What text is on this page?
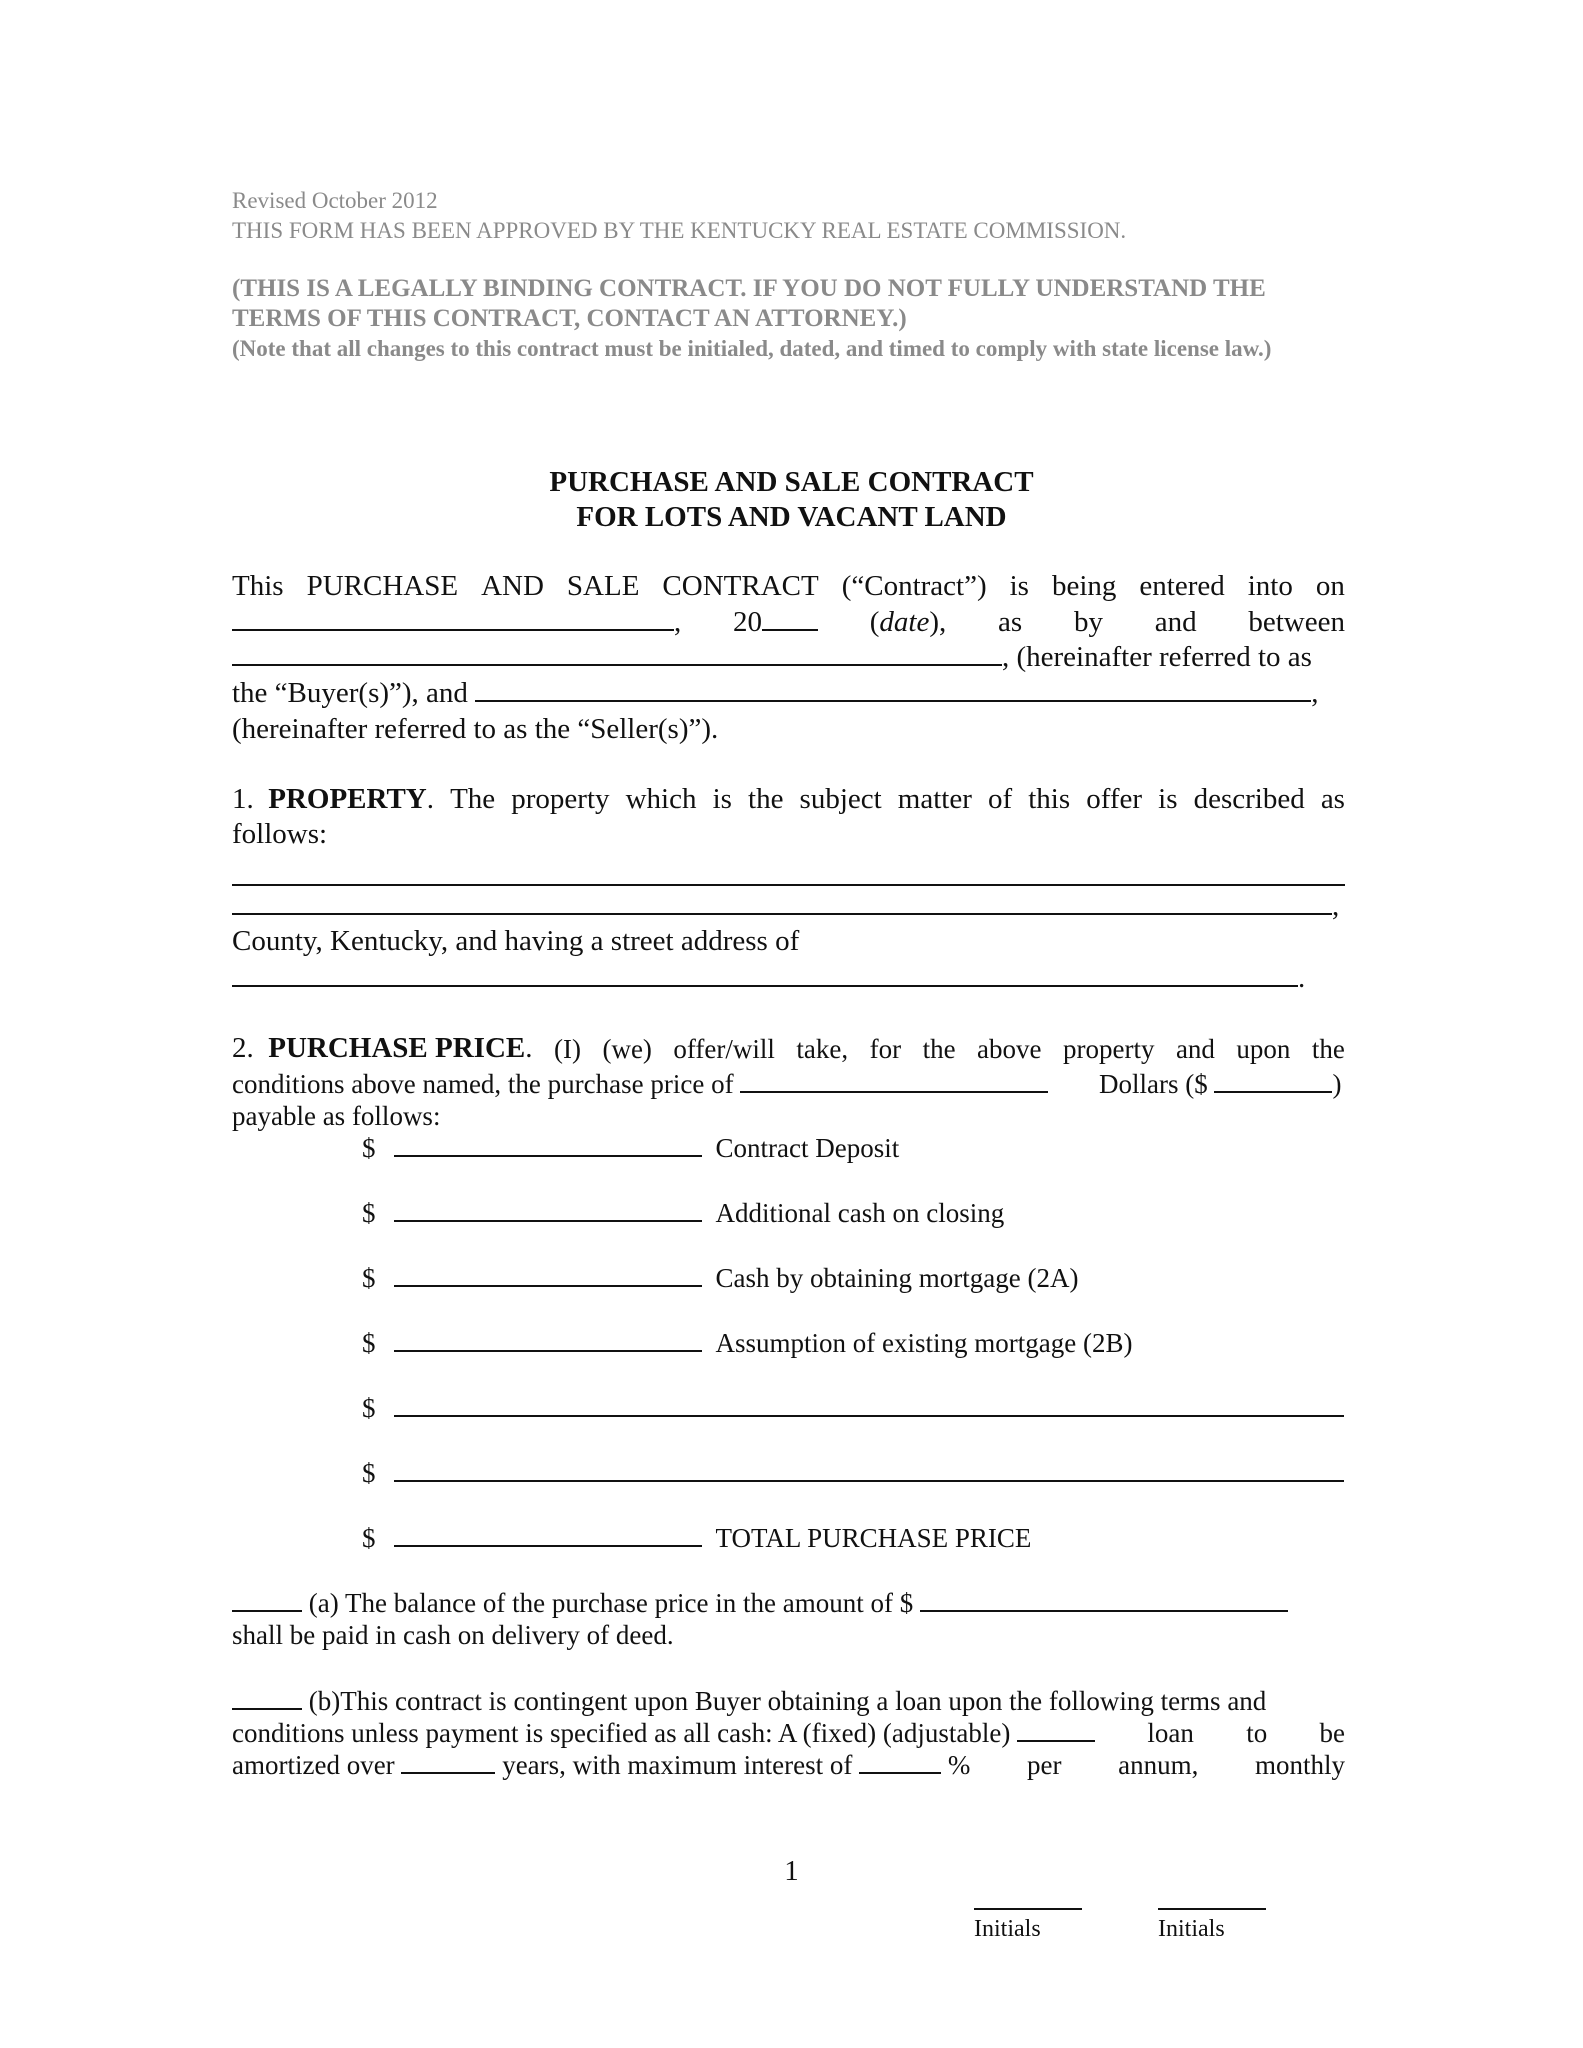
Revised October 2012
THIS FORM HAS BEEN APPROVED BY THE KENTUCKY REAL ESTATE COMMISSION.
(THIS IS A LEGALLY BINDING CONTRACT. IF YOU DO NOT FULLY UNDERSTAND THE TERMS OF THIS CONTRACT, CONTACT AN ATTORNEY.)
(Note that all changes to this contract must be initialed, dated, and timed to comply with state license law.)
PURCHASE AND SALE CONTRACT
FOR LOTS AND VACANT LAND
This PURCHASE AND SALE CONTRACT (“Contract”) is being entered into on
, 20	(date), as by and between
, (hereinafter referred to as
the “Buyer(s)”), and	,
(hereinafter referred to as the “Seller(s)”).
1. PROPERTY. The property which is the subject matter of this offer is described as
follows:
,
County, Kentucky, and having a street address of
.
2. PURCHASE PRICE. (I) (we) offer/will take, for the above property and upon the
conditions above named, the purchase price of	Dollars ($	)
payable as follows:
$	Contract Deposit
$	Additional cash on closing
$	Cash by obtaining mortgage (2A)
$	Assumption of existing mortgage (2B)
$
$
$	TOTAL PURCHASE PRICE
(a) The balance of the purchase price in the amount of $
shall be paid in cash on delivery of deed.
(b)This contract is contingent upon Buyer obtaining a loan upon the following terms and
conditions unless payment is specified as all cash: A (fixed) (adjustable)	loan to be
amortized over	years, with maximum interest of	% per annum, monthly
1
Initials	Initials
